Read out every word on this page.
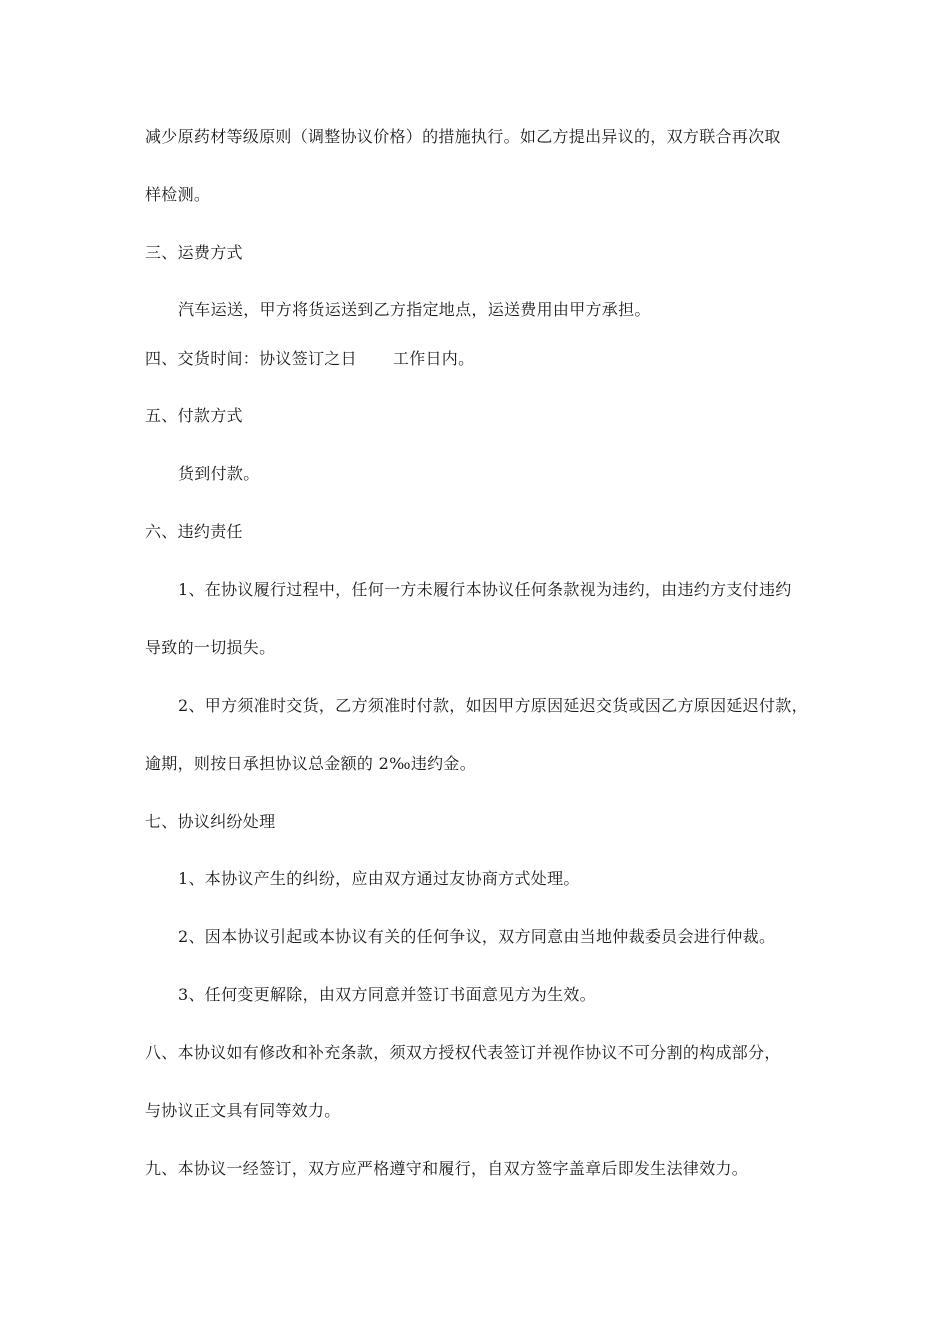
减少原药材等级原则（调整协议价格）的措施执行。如乙方提出异议的，双方联合再次取
样检测。
三、运费方式
汽车运送，甲方将货运送到乙方指定地点，运送费用由甲方承担。
四、交货时间：协议签订之日 工作日内。
五、付款方式
货到付款。
六、违约责任
1、在协议履行过程中，任何一方未履行本协议任何条款视为违约，由违约方支付违约
导致的一切损失。
2、甲方须准时交货，乙方须准时付款，如因甲方原因延迟交货或因乙方原因延迟付款，
逾期，则按日承担协议总金额的 2‰违约金。
七、协议纠纷处理
1、本协议产生的纠纷，应由双方通过友协商方式处理。
2、因本协议引起或本协议有关的任何争议，双方同意由当地仲裁委员会进行仲裁。
3、任何变更解除，由双方同意并签订书面意见方为生效。
八、本协议如有修改和补充条款，须双方授权代表签订并视作协议不可分割的构成部分，
与协议正文具有同等效力。
九、本协议一经签订，双方应严格遵守和履行，自双方签字盖章后即发生法律效力。
